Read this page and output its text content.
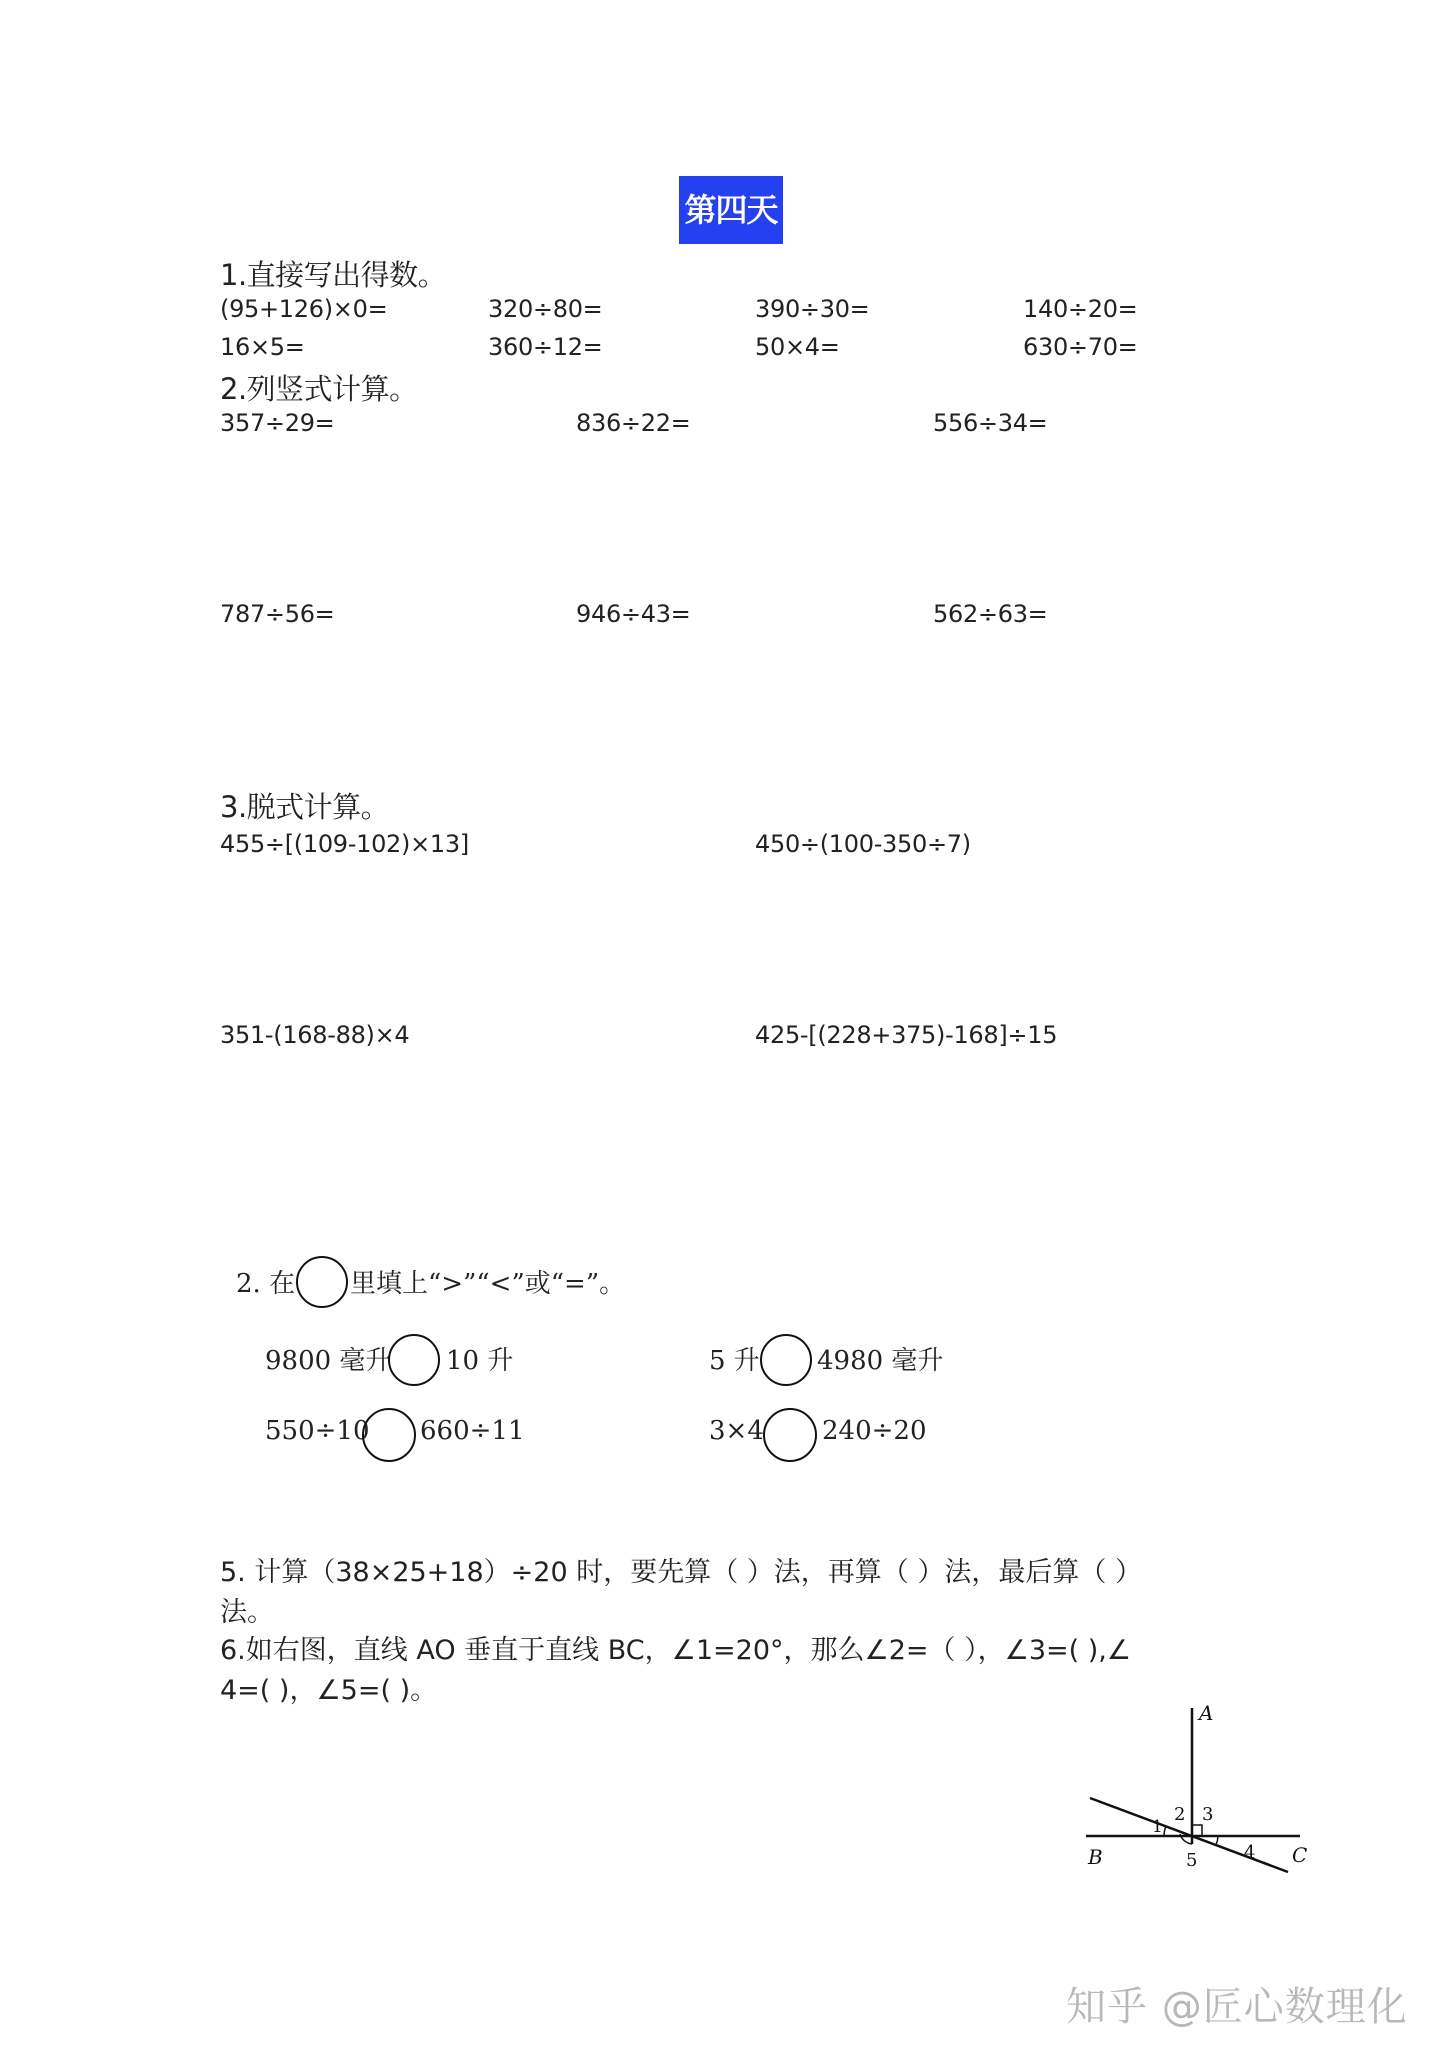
第四天
1.直接写出得数。
(95+126)×0=	320÷80=	390÷30=	140÷20=
16×5=	360÷12=	50×4=	630÷70=
2.列竖式计算。
357÷29=	836÷22=	556÷34=
787÷56=	946÷43=	562÷63=
3.脱式计算。
455÷[(109-102)×13]	450÷(100-350÷7)
351-(168-88)×4	425-[(228+375)-168]÷15
2. 在 里填上“>”“<”或“=”。
9800 毫升 10 升	5 升 4980 毫升
550÷10 660÷11	3×4 240÷20
5. 计算（38×25+18）÷20 时，要先算（ ）法，再算（ ）法，最后算（ ）
法。
6.如右图，直线 AO 垂直于直线 BC，∠1=20°，那么∠2=（ ），∠3=( ),∠
4=( )，∠5=( )。
A
B	C
1
2 3
4
5
知乎 @匠心数理化
